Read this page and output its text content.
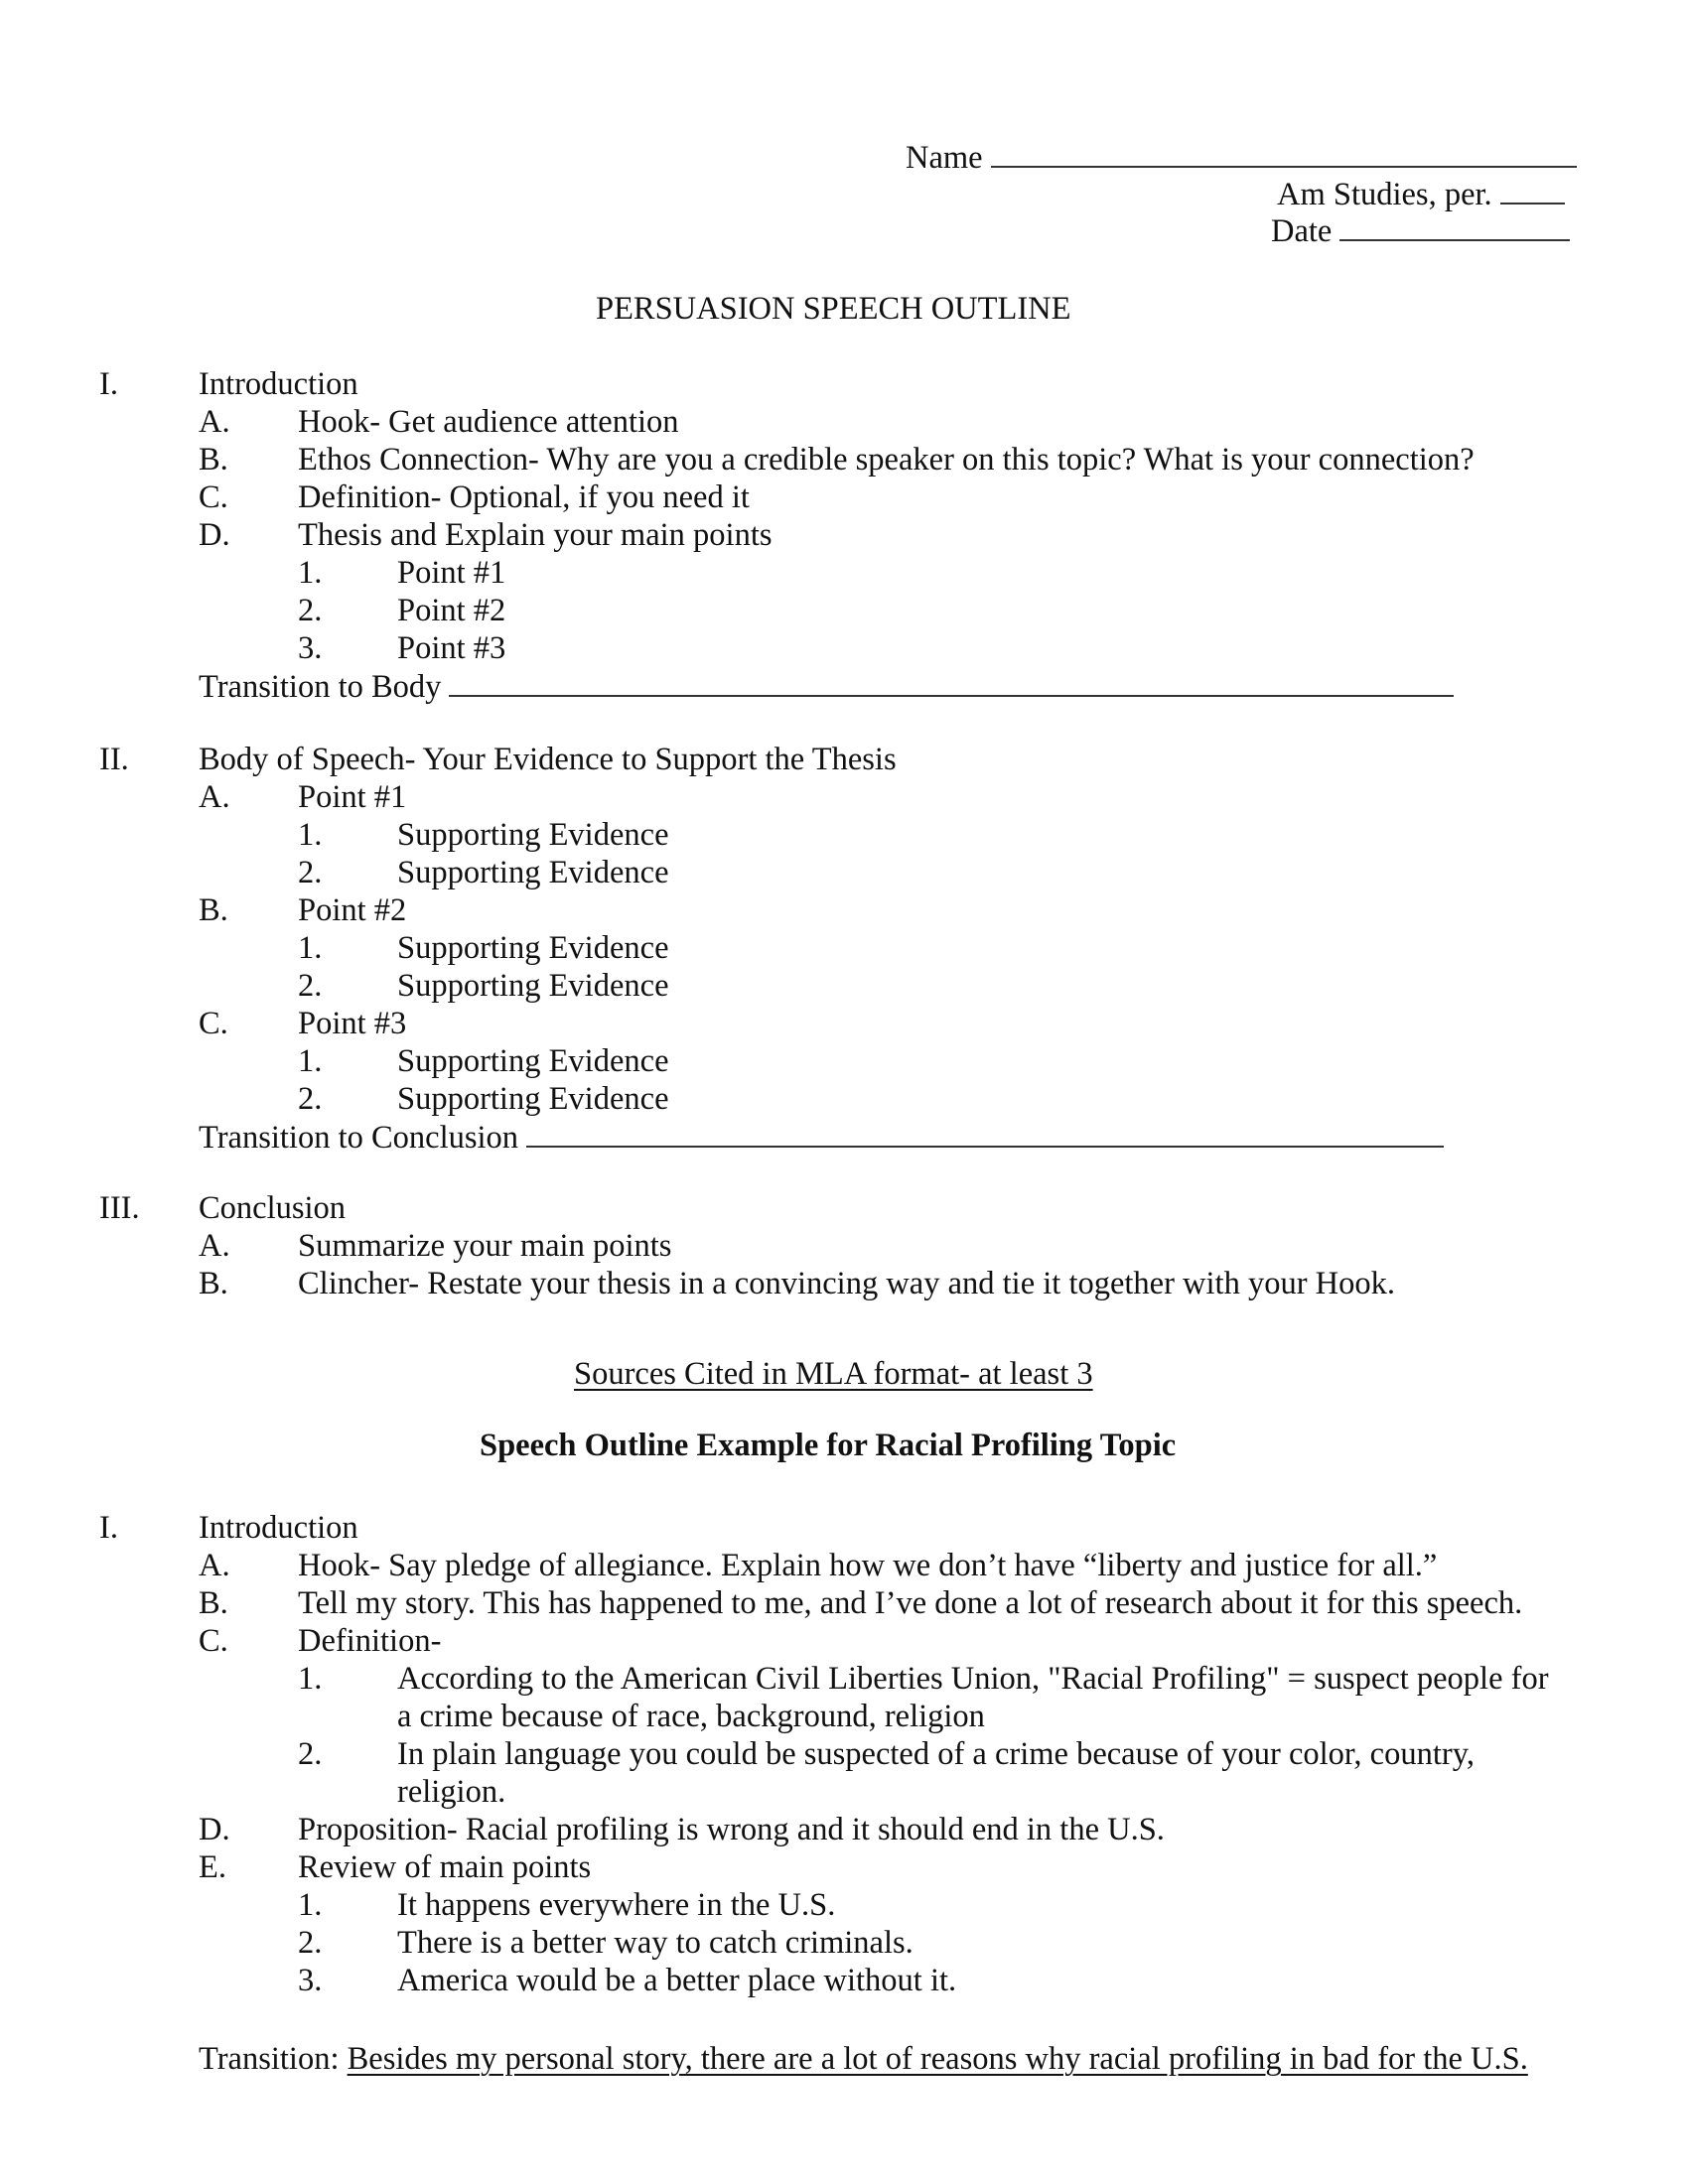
Name
Am Studies, per.
Date
PERSUASION SPEECH OUTLINE
I. Introduction
A. Hook- Get audience attention
B. Ethos Connection- Why are you a credible speaker on this topic? What is your connection?
C. Definition- Optional, if you need it
D. Thesis and Explain your main points
1. Point #1
2. Point #2
3. Point #3
Transition to Body
II. Body of Speech- Your Evidence to Support the Thesis
A. Point #1
1. Supporting Evidence
2. Supporting Evidence
B. Point #2
1. Supporting Evidence
2. Supporting Evidence
C. Point #3
1. Supporting Evidence
2. Supporting Evidence
Transition to Conclusion
III. Conclusion
A. Summarize your main points
B. Clincher- Restate your thesis in a convincing way and tie it together with your Hook.
Sources Cited in MLA format- at least 3
Speech Outline Example for Racial Profiling Topic
I. Introduction
A. Hook- Say pledge of allegiance. Explain how we don’t have “liberty and justice for all.”
B. Tell my story. This has happened to me, and I’ve done a lot of research about it for this speech.
C. Definition-
1. According to the American Civil Liberties Union, "Racial Profiling" = suspect people for
a crime because of race, background, religion
2. In plain language you could be suspected of a crime because of your color, country,
religion.
D. Proposition- Racial profiling is wrong and it should end in the U.S.
E. Review of main points
1. It happens everywhere in the U.S.
2. There is a better way to catch criminals.
3. America would be a better place without it.
Transition: Besides my personal story, there are a lot of reasons why racial profiling in bad for the U.S.
